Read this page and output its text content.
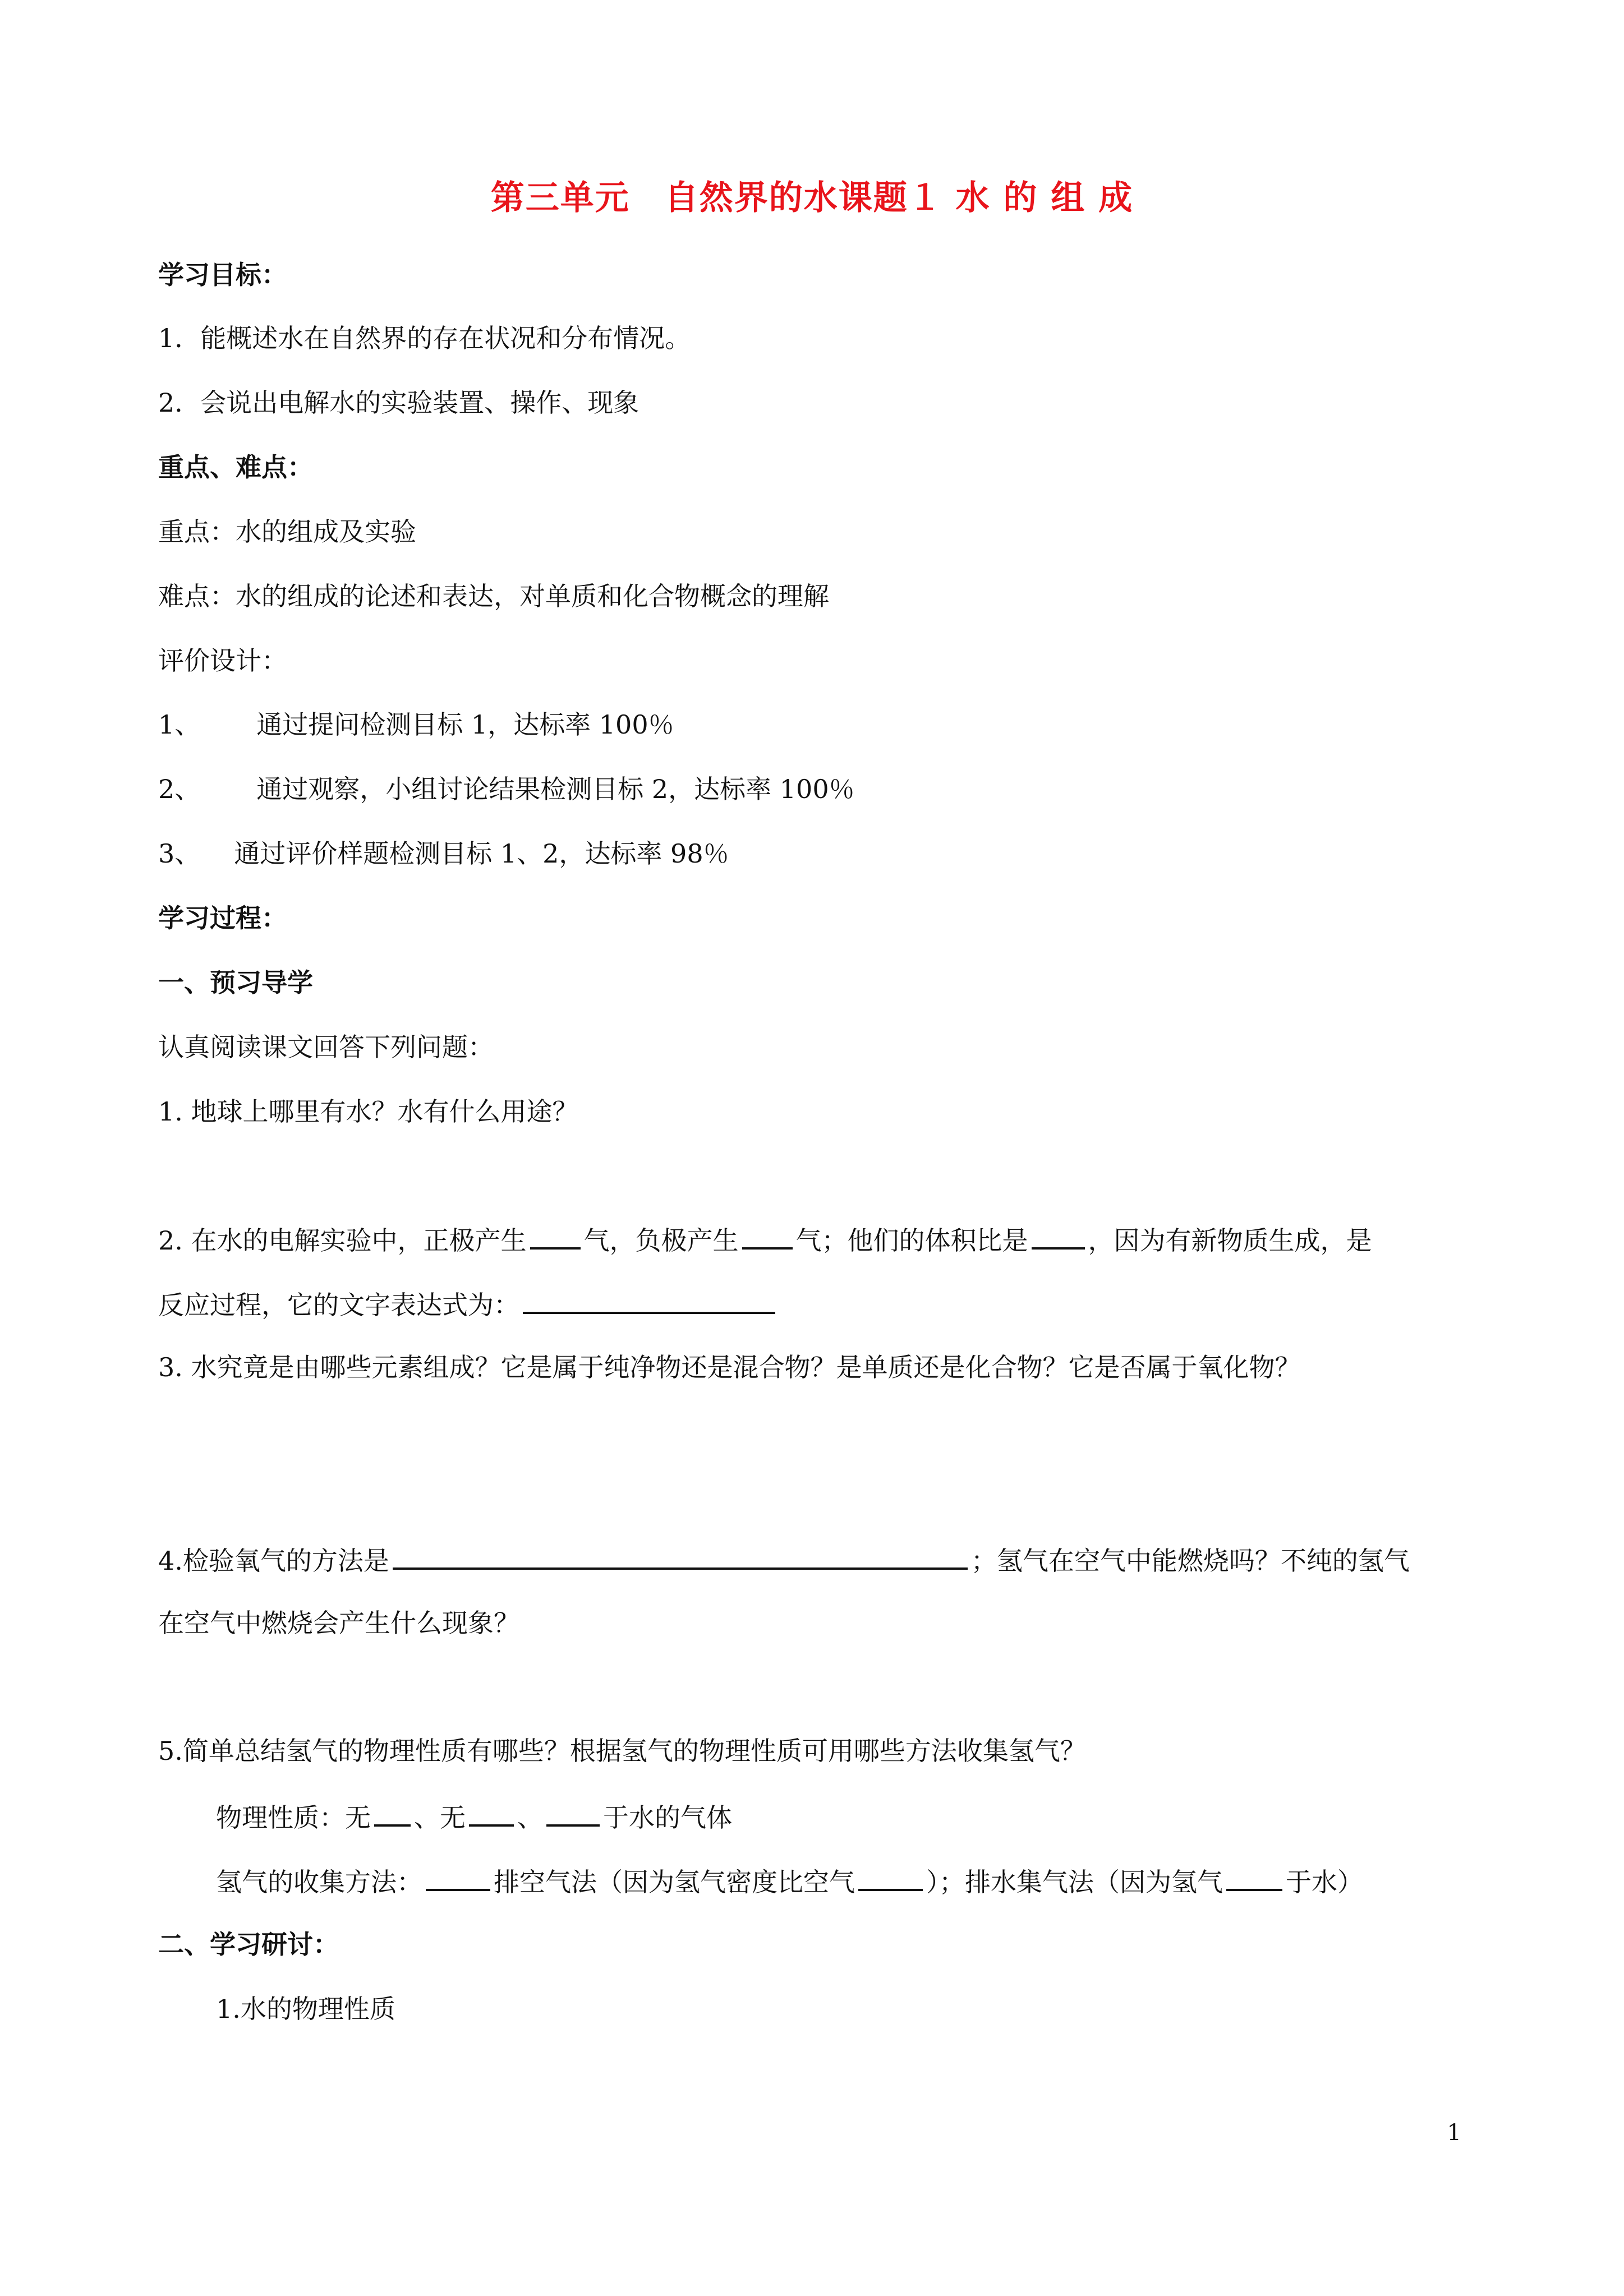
第三单元　自然界的水课题１ 水 的 组 成
学习目标：
1．能概述水在自然界的存在状况和分布情况。
2．会说出电解水的实验装置、操作、现象
重点、难点：
重点：水的组成及实验
难点：水的组成的论述和表达，对单质和化合物概念的理解
评价设计：
1、 通过提问检测目标 1，达标率 100％
2、 通过观察，小组讨论结果检测目标 2，达标率 100％
3、 通过评价样题检测目标 1、2，达标率 98％
学习过程：
一、预习导学
认真阅读课文回答下列问题：
1. 地球上哪里有水？水有什么用途？
2. 在水的电解实验中，正极产生 气，负极产生 气；他们的体积比是 ，因为有新物质生成，是
反应过程，它的文字表达式为：
3. 水究竟是由哪些元素组成？它是属于纯净物还是混合物？是单质还是化合物？它是否属于氧化物？
4.检验氧气的方法是	；氢气在空气中能燃烧吗？不纯的氢气
在空气中燃烧会产生什么现象？
5.简单总结氢气的物理性质有哪些？根据氢气的物理性质可用哪些方法收集氢气？
物理性质：无 、无 、 于水的气体
氢气的收集方法：	排空气法（因为氢气密度比空气	）；排水集气法（因为氢气 于水）
二、学习研讨：
1.水的物理性质
1
